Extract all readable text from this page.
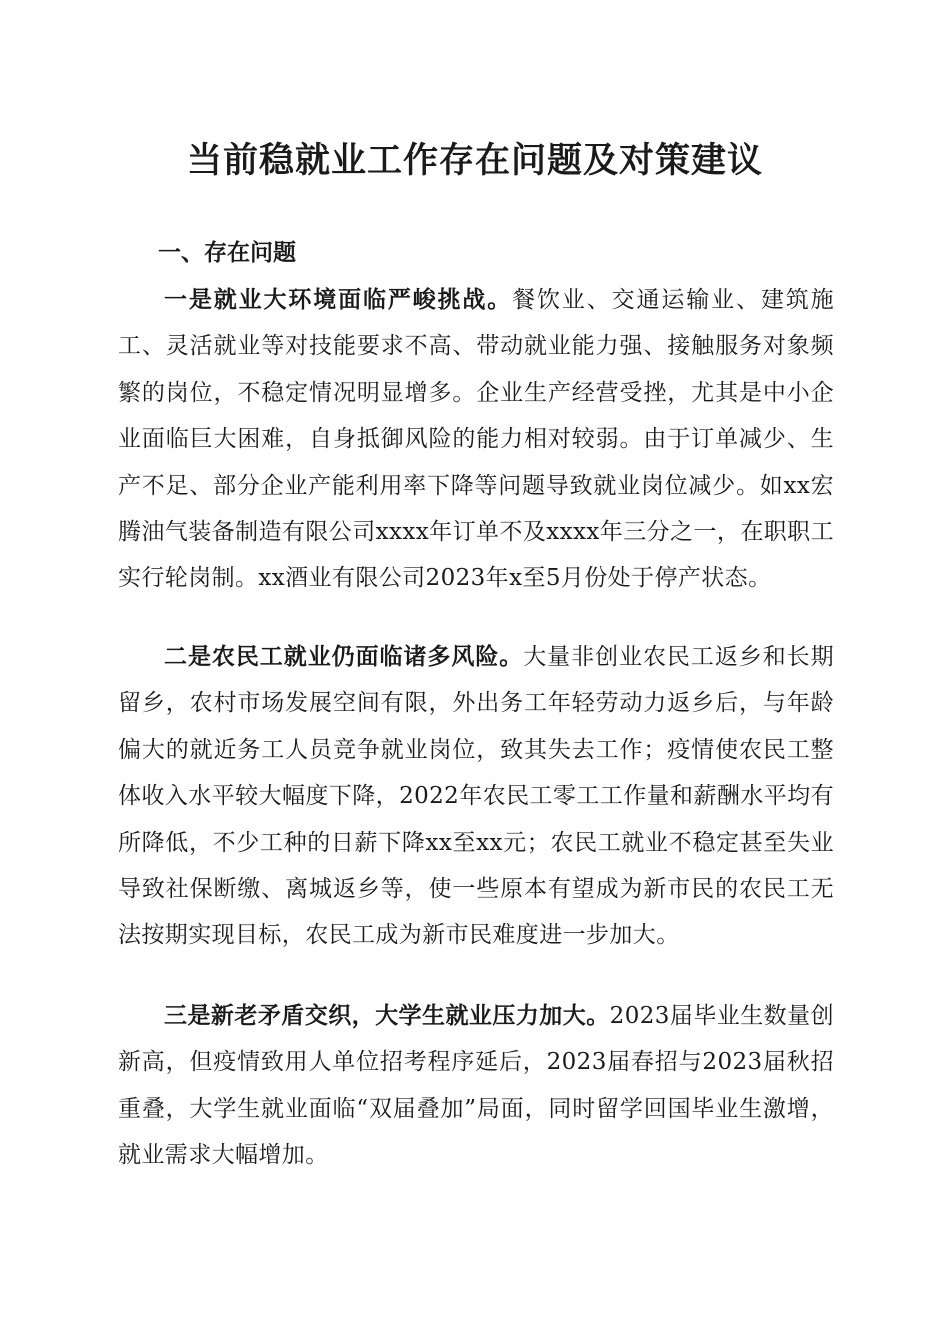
当前稳就业工作存在问题及对策建议
一、存在问题

一是就业大环境面临严峻挑战。餐饮业、交通运输业、建筑施工、灵活就业等对技能要求不高、带动就业能力强、接触服务对象频繁的岗位，不稳定情况明显增多。企业生产经营受挫，尤其是中小企业面临巨大困难，自身抵御风险的能力相对较弱。由于订单减少、生产不足、部分企业产能利用率下降等问题导致就业岗位减少。如xx宏腾油气装备制造有限公司xxxx年订单不及xxxx年三分之一，在职职工实行轮岗制。xx酒业有限公司2023年x至5月份处于停产状态。

二是农民工就业仍面临诸多风险。大量非创业农民工返乡和长期留乡，农村市场发展空间有限，外出务工年轻劳动力返乡后，与年龄偏大的就近务工人员竞争就业岗位，致其失去工作；疫情使农民工整体收入水平较大幅度下降，2022年农民工零工工作量和薪酬水平均有所降低，不少工种的日薪下降xx至xx元；农民工就业不稳定甚至失业导致社保断缴、离城返乡等，使一些原本有望成为新市民的农民工无法按期实现目标，农民工成为新市民难度进一步加大。

三是新老矛盾交织，大学生就业压力加大。2023届毕业生数量创新高，但疫情致用人单位招考程序延后，2023届春招与2023届秋招重叠，大学生就业面临“双届叠加”局面，同时留学回国毕业生激增，就业需求大幅增加。
